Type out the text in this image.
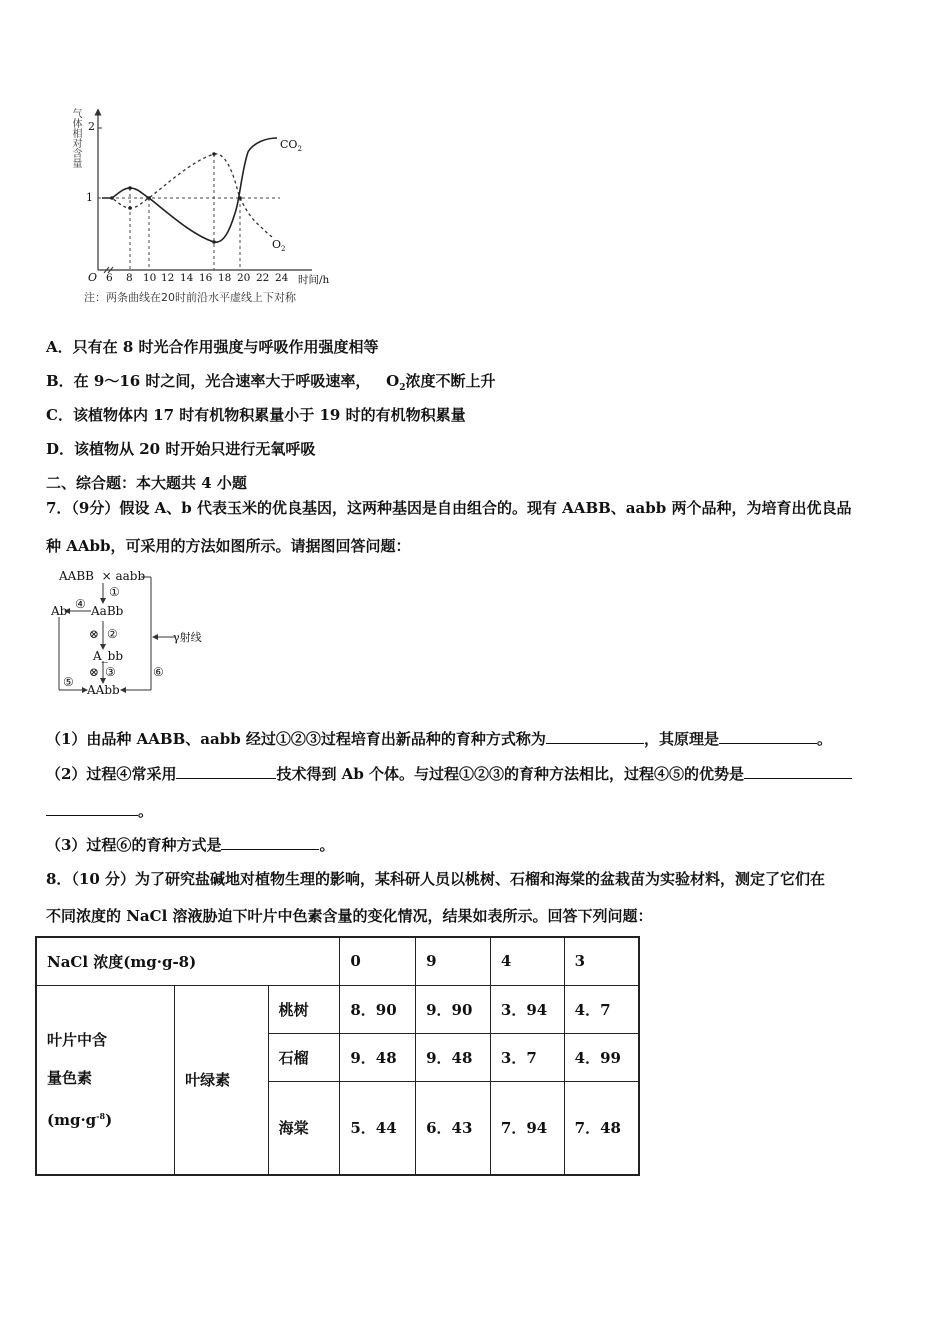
气体相对含量 2
1
O 6 8 10 12 14 16 18 20 22 24 时间/h
$CO_2$
$O_2$
注：两条曲线在20时前沿水平虚线上下对称
A．只有在 8 时光合作用强度与呼吸作用强度相等
B．在 9～16 时之间，光合速率大于呼吸速率， $O_2$浓度不断上升
C．该植物体内 17 时有机物积累量小于 19 时的有机物积累量
D．该植物从 20 时开始只进行无氧呼吸
二、综合题：本大题共 4 小题
7．（9分）假设 A、b 代表玉米的优良基因，这两种基因是自由组合的。现有 AABB、aabb 两个品种，为培育出优良品
种 AAbb，可采用的方法如图所示。请据图回答问题：
AABB  × aabb
①
Ab ④ AaBb
⊗ ②	γ射线
A_bb
⊗ ③
⑤
⑥
AAbb
（1）由品种 AABB、aabb 经过①②③过程培育出新品种的育种方式称为	，其原理是	。
（2）过程④常采用	技术得到 Ab 个体。与过程①②③的育种方法相比，过程④⑤的优势是
。
（3）过程⑥的育种方式是	。
8．（10 分）为了研究盐碱地对植物生理的影响，某科研人员以桃树、石榴和海棠的盆栽苗为实验材料，测定了它们在
不同浓度的 NaCl 溶液胁迫下叶片中色素含量的变化情况，结果如表所示。回答下列问题：
NaCl 浓度(mg·g-8)			0	9	4	3

叶片中含
量色素
$(mg\cdot g^{-8})$	叶绿素	桃树	8．90	9．90	3．94	4．7
		石榴	9．48	9．48	3．7	4．99
		海棠	5．44	6．43	7．94	7．48
